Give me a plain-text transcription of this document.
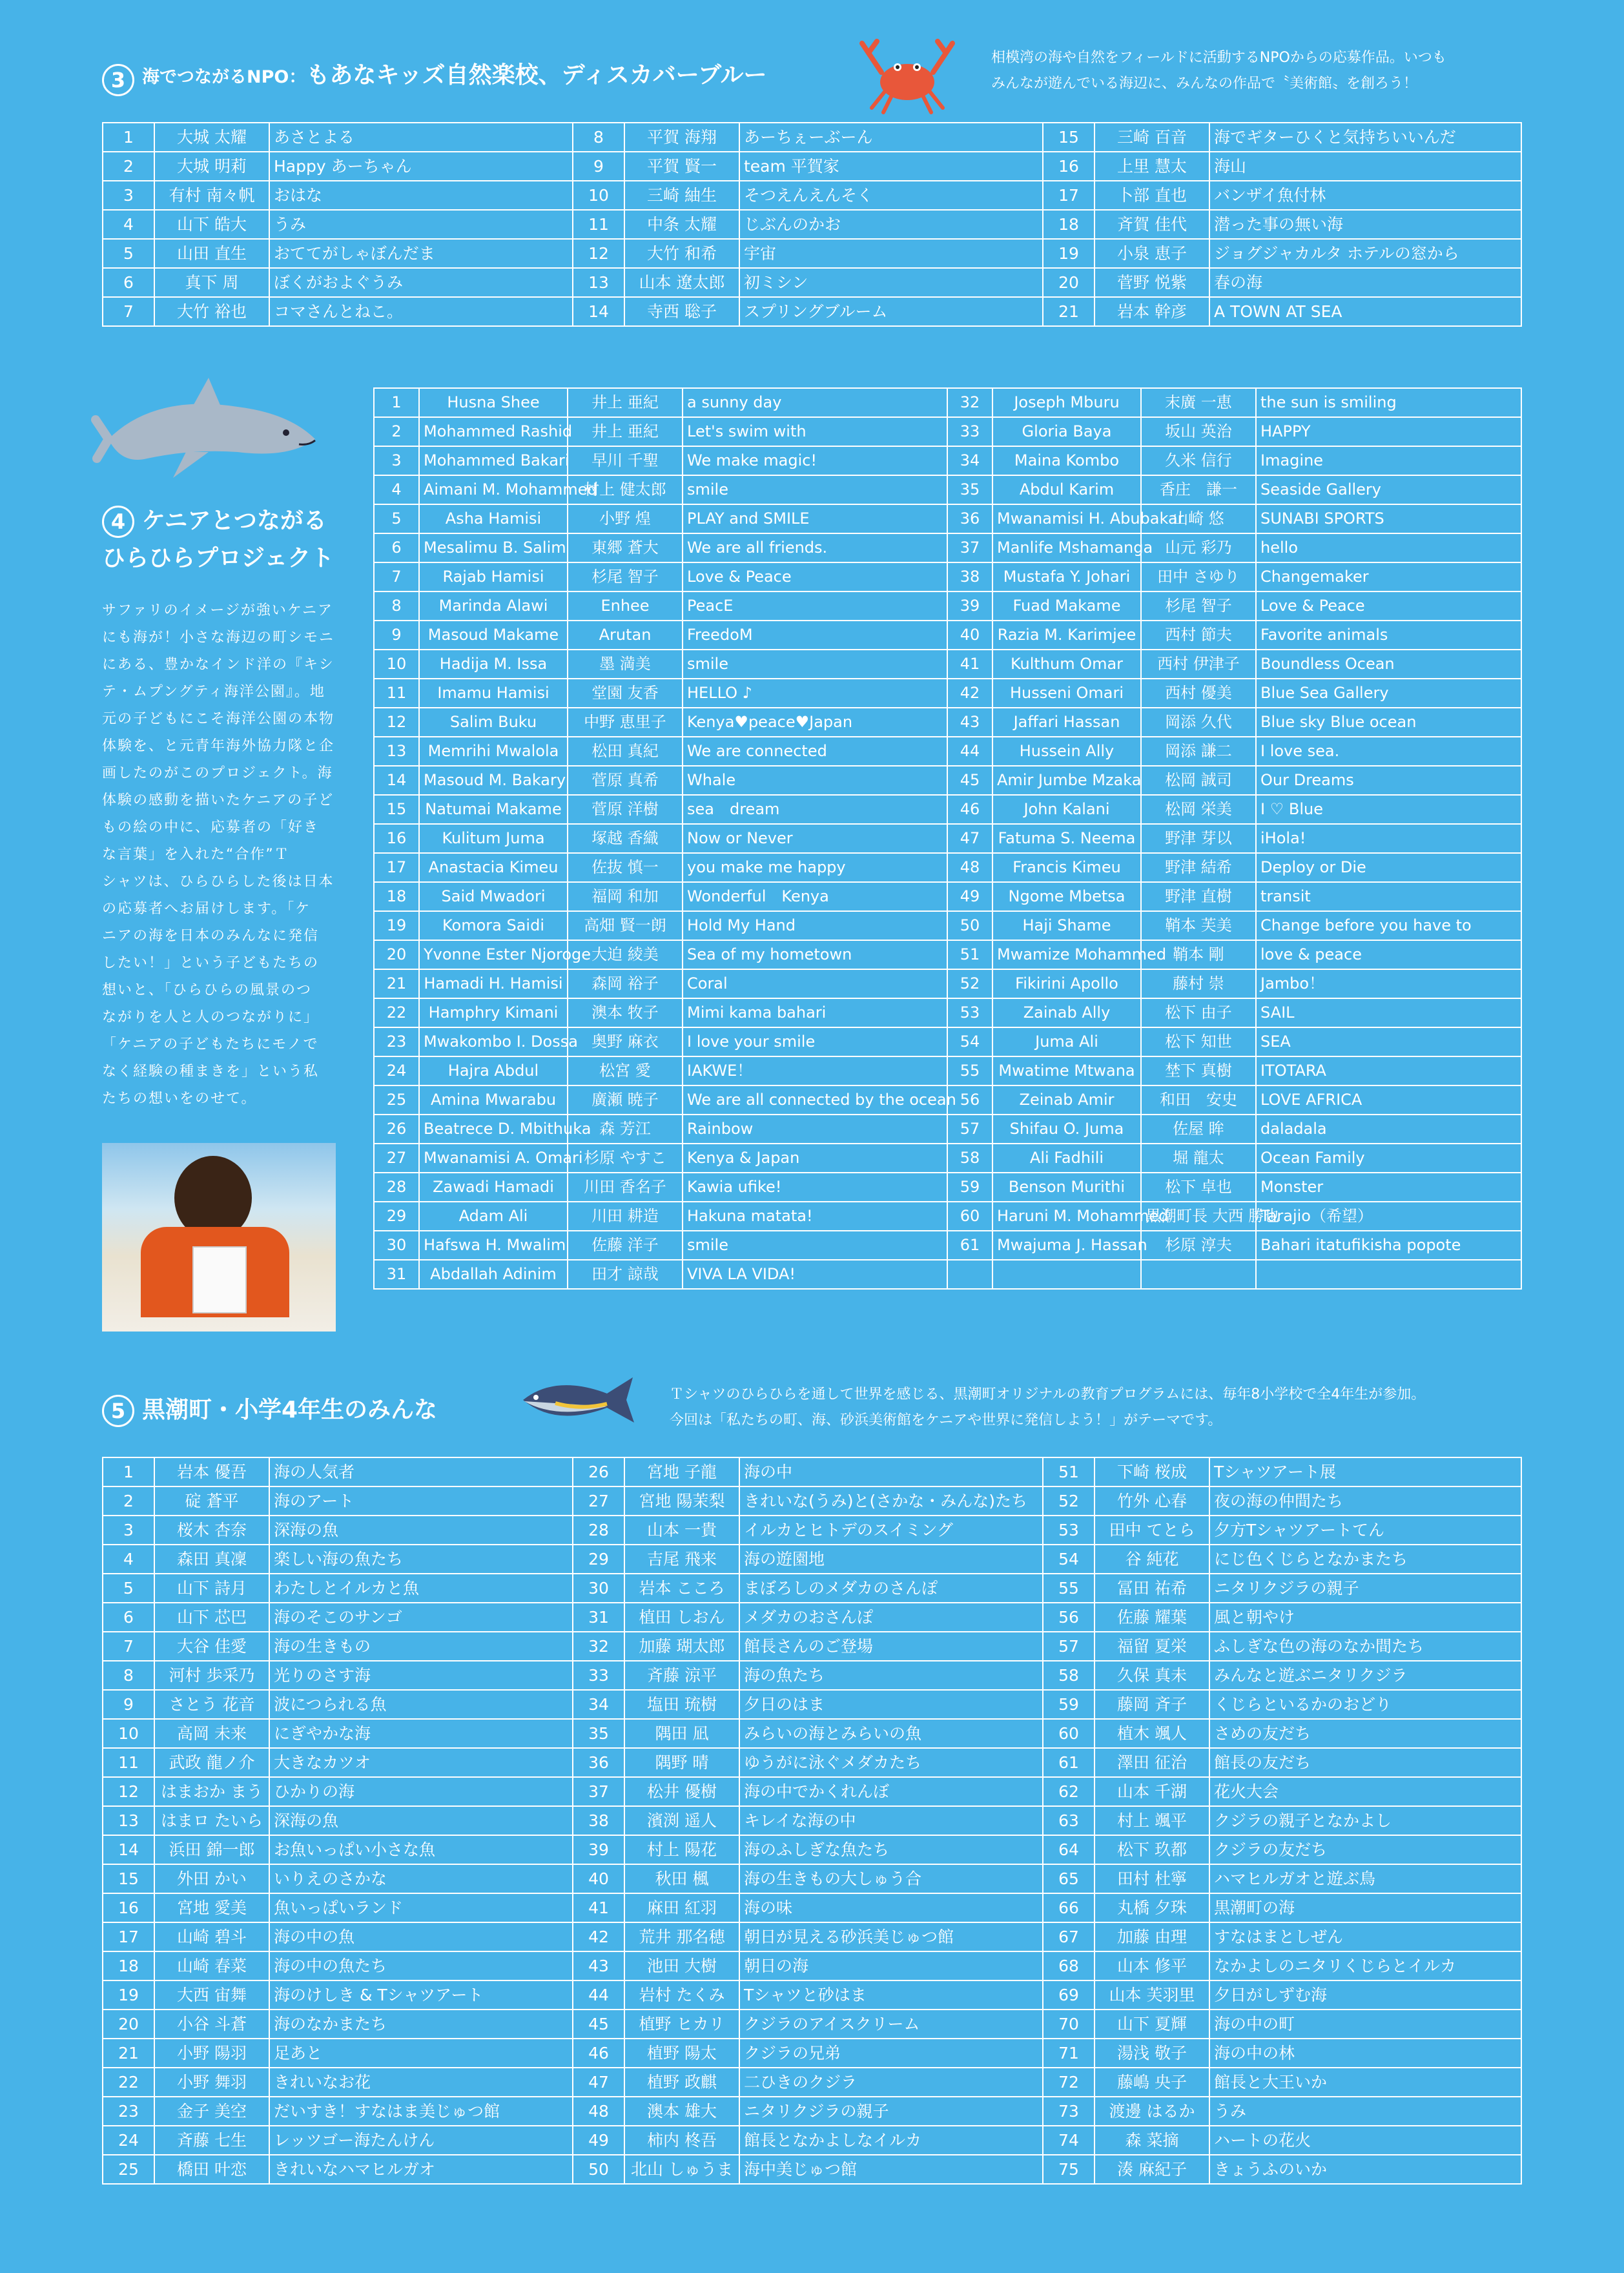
3 海でつながるNPO：もあなキッズ自然楽校、ディスカバーブルー
相模湾の海や自然をフィールドに活動するNPOからの応募作品。いつも
みんなが遊んでいる海辺に、みんなの作品で〝美術館〟を創ろう！
1	大城 太耀	あさとよる	8	平賀 海翔	あーちぇーぶーん	15	三崎 百音	海でギターひくと気持ちいいんだ
2	大城 明莉	Happy あーちゃん	9	平賀 賢一	team 平賀家	16	上里 慧太	海山
3	有村 南々帆	おはな	10	三崎 紬生	そつえんえんそく	17	卜部 直也	バンザイ魚付林
4	山下 皓大	うみ	11	中条 太耀	じぶんのかお	18	斉賀 佳代	潜った事の無い海
5	山田 直生	おててがしゃぼんだま	12	大竹 和希	宇宙	19	小泉 恵子	ジョグジャカルタ ホテルの窓から
6	真下 周	ぼくがおよぐうみ	13	山本 遼太郎	初ミシン	20	菅野 悦紫	春の海
7	大竹 裕也	コマさんとねこ。	14	寺西 聡子	スプリングブルーム	21	岩本 幹彦	A TOWN AT SEA
4 ケニアとつながる
ひらひらプロジェクト
サファリのイメージが強いケニア
にも海が！小さな海辺の町シモニ
にある、豊かなインド洋の『キシ
テ・ムプングティ海洋公園』。地
元の子どもにこそ海洋公園の本物
体験を、と元青年海外協力隊と企
画したのがこのプロジェクト。海
体験の感動を描いたケニアの子ど
もの絵の中に、応募者の「好き
な言葉」を入れた“合作”Ｔ
シャツは、ひらひらした後は日本
の応募者へお届けします。「ケ
ニアの海を日本のみんなに発信
したい！」という子どもたちの
想いと、「ひらひらの風景のつ
ながりを人と人のつながりに」
「ケニアの子どもたちにモノで
なく経験の種まきを」という私
たちの想いをのせて。
1	Husna Shee	井上 亜紀	a sunny day	32	Joseph Mburu	末廣 一恵	the sun is smiling
2	Mohammed Rashid	井上 亜紀	Let's swim with	33	Gloria Baya	坂山 英治	HAPPY
3	Mohammed Bakari	早川 千聖	We make magic!	34	Maina Kombo	久米 信行	Imagine
4	Aimani M. Mohammed	村上 健太郎	smile	35	Abdul Karim	香庄　謙一	Seaside Gallery
5	Asha Hamisi	小野 煌	PLAY and SMILE	36	Mwanamisi H. Abubakar	山崎 悠	SUNABI SPORTS
6	Mesalimu B. Salim	東郷 蒼大	We are all friends.	37	Manlife Mshamanga	山元 彩乃	hello
7	Rajab Hamisi	杉尾 智子	Love & Peace	38	Mustafa Y. Johari	田中 さゆり	Changemaker
8	Marinda Alawi	Enhee	PeacE	39	Fuad Makame	杉尾 智子	Love & Peace
9	Masoud Makame	Arutan	FreedoM	40	Razia M. Karimjee	西村 節夫	Favorite animals
10	Hadija M. Issa	墨 満美	smile	41	Kulthum Omar	西村 伊津子	Boundless Ocean
11	Imamu Hamisi	堂園 友香	HELLO ♪	42	Husseni Omari	西村 優美	Blue Sea Gallery
12	Salim Buku	中野 恵里子	Kenya♥peace♥Japan	43	Jaffari Hassan	岡添 久代	Blue sky Blue ocean
13	Memrihi Mwalola	松田 真紀	We are connected	44	Hussein Ally	岡添 謙二	I love sea.
14	Masoud M. Bakary	菅原 真希	Whale	45	Amir Jumbe Mzaka	松岡 誠司	Our Dreams
15	Natumai Makame	菅原 洋樹	sea　dream	46	John Kalani	松岡 栄美	I ♡ Blue
16	Kulitum Juma	塚越 香織	Now or Never	47	Fatuma S. Neema	野津 芽以	iHola!
17	Anastacia Kimeu	佐抜 慎一	you make me happy	48	Francis Kimeu	野津 結希	Deploy or Die
18	Said Mwadori	福岡 和加	Wonderful　Kenya	49	Ngome Mbetsa	野津 直樹	transit
19	Komora Saidi	高畑 賢一朗	Hold My Hand	50	Haji Shame	鞘本 芙美	Change before you have to
20	Yvonne Ester Njoroge	大迫 綾美	Sea of my hometown	51	Mwamize Mohammed	鞘本 剛	love & peace
21	Hamadi H. Hamisi	森岡 裕子	Coral	52	Fikirini Apollo	藤村 崇	Jambo！
22	Hamphry Kimani	澳本 牧子	Mimi kama bahari	53	Zainab Ally	松下 由子	SAIL
23	Mwakombo I. Dossa	奥野 麻衣	I love your smile	54	Juma Ali	松下 知世	SEA
24	Hajra Abdul	松宮 愛	IAKWE！	55	Mwatime Mtwana	埜下 真樹	ITOTARA
25	Amina Mwarabu	廣瀬 暁子	We are all connected by the ocean	56	Zeinab Amir	和田　安史	LOVE AFRICA
26	Beatrece D. Mbithuka	森 芳江	Rainbow	57	Shifau O. Juma	佐屋 眸	daladala
27	Mwanamisi A. Omari	杉原 やすこ	Kenya & Japan	58	Ali Fadhili	堀 龍太	Ocean Family
28	Zawadi Hamadi	川田 香名子	Kawia ufike!	59	Benson Murithi	松下 卓也	Monster
29	Adam Ali	川田 耕造	Hakuna matata!	60	Haruni M. Mohammed	黒潮町長 大西 勝也	Tarajio（希望）
30	Hafswa H. Mwalim	佐藤 洋子	smile	61	Mwajuma J. Hassan	杉原 淳夫	Bahari itatufikisha popote
31	Abdallah Adinim	田才 諒哉	VIVA LA VIDA!				
5 黒潮町・小学4年生のみんな
Ｔシャツのひらひらを通して世界を感じる、黒潮町オリジナルの教育プログラムには、毎年8小学校で全4年生が参加。
今回は「私たちの町、海、砂浜美術館をケニアや世界に発信しよう！」がテーマです。
1	岩本 優吾	海の人気者	26	宮地 子龍	海の中	51	下崎 桜成	Tシャツアート展
2	碇 蒼平	海のアート	27	宮地 陽茉梨	きれいな(うみ)と(さかな・みんな)たち	52	竹外 心春	夜の海の仲間たち
3	桜木 杏奈	深海の魚	28	山本 一貴	イルカとヒトデのスイミング	53	田中 てとら	夕方Tシャツアートてん
4	森田 真凜	楽しい海の魚たち	29	吉尾 飛来	海の遊園地	54	谷 純花	にじ色くじらとなかまたち
5	山下 詩月	わたしとイルカと魚	30	岩本 こころ	まぼろしのメダカのさんぽ	55	冨田 祐希	ニタリクジラの親子
6	山下 芯巴	海のそこのサンゴ	31	植田 しおん	メダカのおさんぽ	56	佐藤 耀葉	風と朝やけ
7	大谷 佳愛	海の生きもの	32	加藤 瑚太郎	館長さんのご登場	57	福留 夏栄	ふしぎな色の海のなか間たち
8	河村 歩采乃	光りのさす海	33	斉藤 涼平	海の魚たち	58	久保 真未	みんなと遊ぶニタリクジラ
9	さとう 花音	波につられる魚	34	塩田 琉樹	夕日のはま	59	藤岡 斉子	くじらといるかのおどり
10	高岡 未来	にぎやかな海	35	隅田 凪	みらいの海とみらいの魚	60	植木 颯人	さめの友だち
11	武政 龍ノ介	大きなカツオ	36	隅野 晴	ゆうがに泳ぐメダカたち	61	澤田 征治	館長の友だち
12	はまおか まう	ひかりの海	37	松井 優樹	海の中でかくれんぼ	62	山本 千湖	花火大会
13	はまロ たいら	深海の魚	38	濱渕 遥人	キレイな海の中	63	村上 颯平	クジラの親子となかよし
14	浜田 錦一郎	お魚いっぱい小さな魚	39	村上 陽花	海のふしぎな魚たち	64	松下 玖都	クジラの友だち
15	外田 かい	いりえのさかな	40	秋田 楓	海の生きもの大しゅう合	65	田村 杜寧	ハマヒルガオと遊ぶ鳥
16	宮地 愛美	魚いっぱいランド	41	麻田 紅羽	海の味	66	丸橋 夕珠	黒潮町の海
17	山崎 碧斗	海の中の魚	42	荒井 那名穂	朝日が見える砂浜美じゅつ館	67	加藤 由理	すなはまとしぜん
18	山崎 春菜	海の中の魚たち	43	池田 大樹	朝日の海	68	山本 修平	なかよしのニタリくじらとイルカ
19	大西 宙舞	海のけしき & Tシャツアート	44	岩村 たくみ	Tシャツと砂はま	69	山本 芙羽里	夕日がしずむ海
20	小谷 斗蒼	海のなかまたち	45	植野 ヒカリ	クジラのアイスクリーム	70	山下 夏輝	海の中の町
21	小野 陽羽	足あと	46	植野 陽太	クジラの兄弟	71	湯浅 敬子	海の中の林
22	小野 舞羽	きれいなお花	47	植野 政麒	二ひきのクジラ	72	藤嶋 央子	館長と大王いか
23	金子 美空	だいすき！すなはま美じゅつ館	48	澳本 雄大	ニタリクジラの親子	73	渡邊 はるか	うみ
24	斉藤 七生	レッツゴー海たんけん	49	柿内 柊吾	館長となかよしなイルカ	74	森 菜摘	ハートの花火
25	橋田 叶恋	きれいなハマヒルガオ	50	北山 しゅうま	海中美じゅつ館	75	湊 麻紀子	きょうふのいか
